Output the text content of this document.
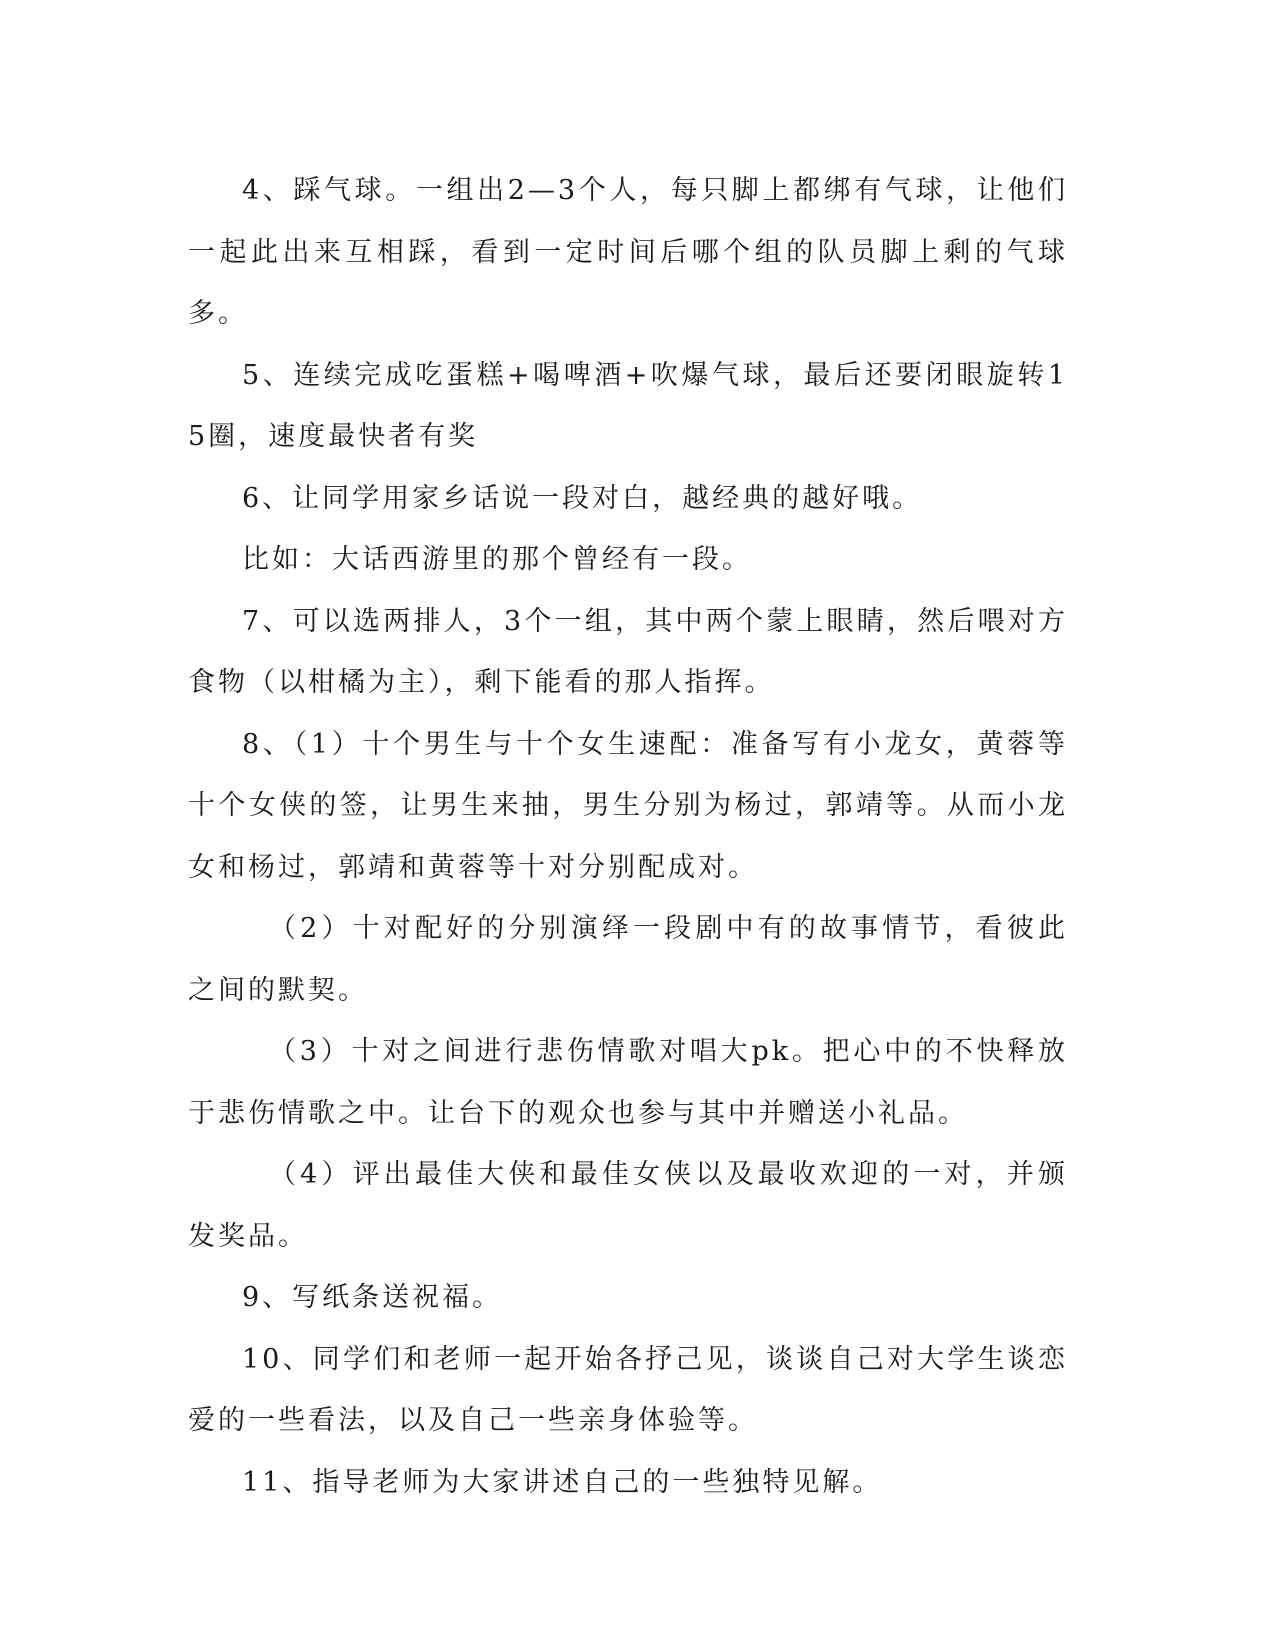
4、踩气球。一组出2—3个人，每只脚上都绑有气球，让他们一起此出来互相踩，看到一定时间后哪个组的队员脚上剩的气球多。

5、连续完成吃蛋糕+喝啤酒+吹爆气球，最后还要闭眼旋转15圈，速度最快者有奖

6、让同学用家乡话说一段对白，越经典的越好哦。

比如：大话西游里的那个曾经有一段。

7、可以选两排人，3个一组，其中两个蒙上眼睛，然后喂对方食物（以柑橘为主），剩下能看的那人指挥。

8、（1）十个男生与十个女生速配：准备写有小龙女，黄蓉等十个女侠的签，让男生来抽，男生分别为杨过，郭靖等。从而小龙女和杨过，郭靖和黄蓉等十对分别配成对。

（2）十对配好的分别演绎一段剧中有的故事情节，看彼此之间的默契。

（3）十对之间进行悲伤情歌对唱大pk。把心中的不快释放于悲伤情歌之中。让台下的观众也参与其中并赠送小礼品。

（4）评出最佳大侠和最佳女侠以及最收欢迎的一对，并颁发奖品。

9、写纸条送祝福。

10、同学们和老师一起开始各抒己见，谈谈自己对大学生谈恋爱的一些看法，以及自己一些亲身体验等。

11、指导老师为大家讲述自己的一些独特见解。
